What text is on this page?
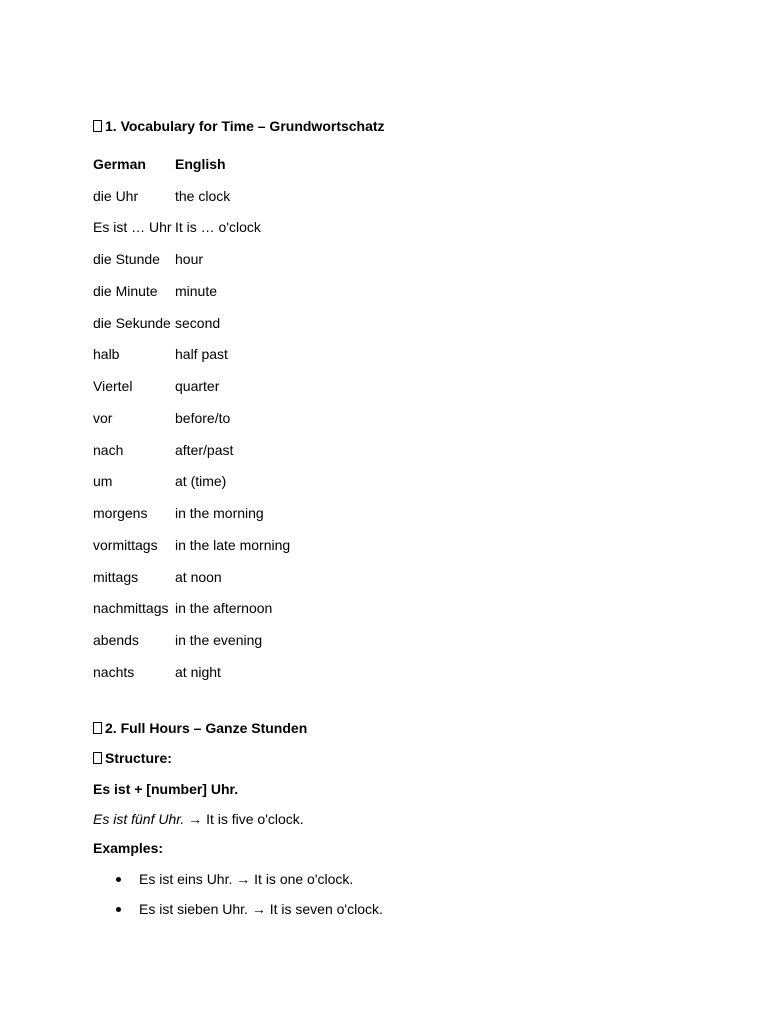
1. Vocabulary for Time – Grundwortschatz
German	English
die Uhr	the clock
Es ist … Uhr	It is … o'clock
die Stunde	hour
die Minute	minute
die Sekunde	second
halb	half past
Viertel	quarter
vor	before/to
nach	after/past
um	at (time)
morgens	in the morning
vormittags	in the late morning
mittags	at noon
nachmittags	in the afternoon
abends	in the evening
nachts	at night
2. Full Hours – Ganze Stunden
Structure:
Es ist + [number] Uhr.
Es ist fünf Uhr. → It is five o'clock.
Examples:
Es ist eins Uhr. → It is one o'clock.
Es ist sieben Uhr. → It is seven o'clock.
